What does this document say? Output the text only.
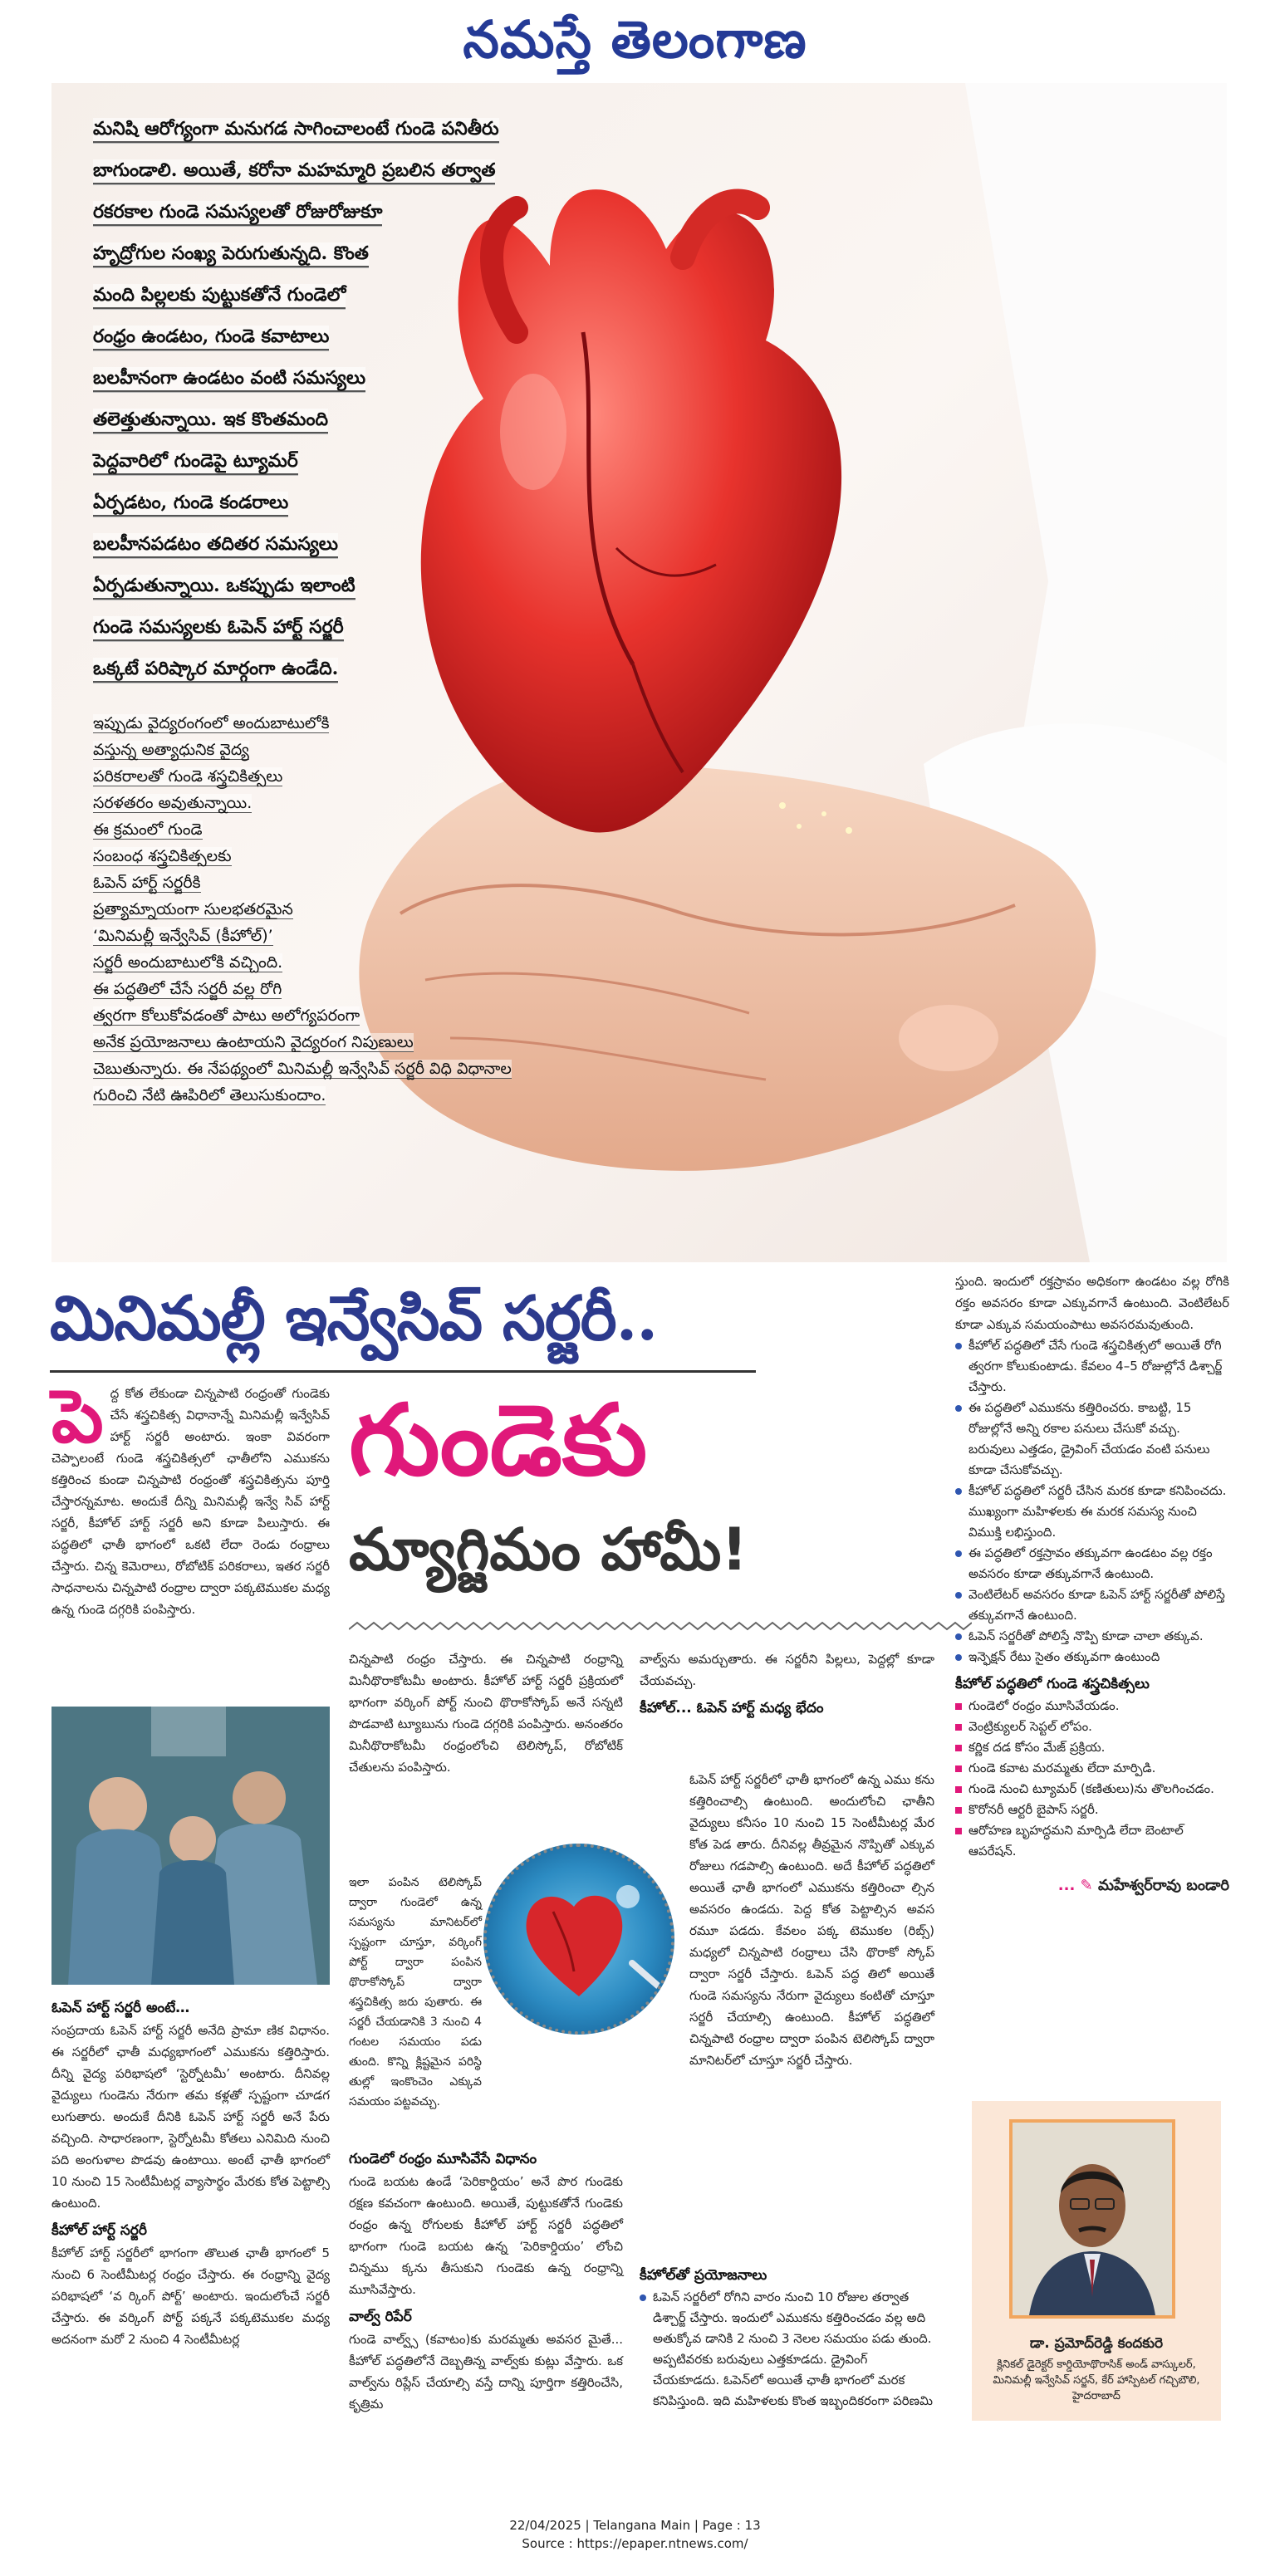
నమస్తే తెలంగాణ

మనిషి ఆరోగ్యంగా మనుగడ సాగించాలంటే గుండె పనితీరు

బాగుండాలి. అయితే, కరోనా మహమ్మారి ప్రబలిన తర్వాత

రకరకాల గుండె సమస్యలతో రోజురోజుకూ

హృద్రోగుల సంఖ్య పెరుగుతున్నది. కొంత

మంది పిల్లలకు పుట్టుకతోనే గుండెలో

రంధ్రం ఉండటం, గుండె కవాటాలు

బలహీనంగా ఉండటం వంటి సమస్యలు

తలెత్తుతున్నాయి. ఇక కొంతమంది

పెద్దవారిలో గుండెపై ట్యూమర్

ఏర్పడటం, గుండె కండరాలు

బలహీనపడటం తదితర సమస్యలు

ఏర్పడుతున్నాయి. ఒకప్పుడు ఇలాంటి

గుండె సమస్యలకు ఓపెన్ హార్ట్ సర్జరీ

ఒక్కటే పరిష్కార మార్గంగా ఉండేది.

ఇప్పుడు వైద్యరంగంలో అందుబాటులోకి

వస్తున్న అత్యాధునిక వైద్య

పరికరాలతో గుండె శస్త్రచికిత్సలు

సరళతరం అవుతున్నాయి.

ఈ క్రమంలో గుండె

సంబంధ శస్త్రచికిత్సలకు

ఓపెన్ హార్ట్ సర్జరీకి

ప్రత్యామ్నాయంగా సులభతరమైన

‘మినిమల్లీ ఇన్వేసివ్ (కీహోల్)’

సర్జరీ అందుబాటులోకి వచ్చింది.

ఈ పద్ధతిలో చేసే సర్జరీ వల్ల రోగి

త్వరగా కోలుకోవడంతో పాటు అలోగ్యపరంగా

అనేక ప్రయోజనాలు ఉంటాయని వైద్యరంగ నిపుణులు

చెబుతున్నారు. ఈ నేపథ్యంలో మినిమల్లీ ఇన్వేసివ్ సర్జరీ విధి విధానాల

గురించి నేటి ఊపిరిలో తెలుసుకుందాం.

మినిమల్లీ ఇన్వేసివ్ సర్జరీ..
గుండెకు
మ్యాగ్జిమం హామీ!

పెద్ద కోత లేకుండా చిన్నపాటి రంధ్రంతో గుండెకు చేసే శస్త్రచికిత్స విధానాన్నే మినిమల్లీ ఇన్వేసివ్ హార్ట్ సర్జరీ అంటారు. ఇంకా వివరంగా చెప్పాలంటే గుండె శస్త్రచికిత్సలో ఛాతీలోని ఎముకను కత్తిరించ కుండా చిన్నపాటి రంధ్రంతో శస్త్రచికిత్సను పూర్తి చేస్తారన్నమాట. అందుకే దీన్ని మినిమల్లీ ఇన్వే సివ్ హార్ట్ సర్జరీ, కీహోల్ హార్ట్ సర్జరీ అని కూడా పిలుస్తారు. ఈ పద్ధతిలో ఛాతీ భాగంలో ఒకటి లేదా రెండు రంధ్రాలు చేస్తారు. చిన్న కెమెరాలు, రోబోటిక్ పరికరాలు, ఇతర సర్జరీ సాధనాలను చిన్నపాటి రంధ్రాల ద్వారా పక్కటెముకల మధ్య ఉన్న గుండె దగ్గరికి పంపిస్తారు.

ఓపెన్ హార్ట్ సర్జరీ అంటే…

సంప్రదాయ ఓపెన్ హార్ట్ సర్జరీ అనేది ప్రామా ణిక విధానం. ఈ సర్జరీలో ఛాతీ మధ్యభాగంలో ఎముకను కత్తిరిస్తారు. దీన్ని వైద్య పరిభాషలో ‘స్టెర్నోటమీ’ అంటారు. దీనివల్ల వైద్యులు గుండెను నేరుగా తమ కళ్లతో స్పష్టంగా చూడగ లుగుతారు. అందుకే దీనికి ఓపెన్ హార్ట్ సర్జరీ అనే పేరు వచ్చింది. సాధారణంగా, స్టెర్నోటమీ కోతలు ఎనిమిది నుంచి పది అంగుళాల పొడవు ఉంటాయి. అంటే ఛాతీ భాగంలో 10 నుంచి 15 సెంటీమీటర్ల వ్యాసార్థం మేరకు కోత పెట్టాల్సి ఉంటుంది.

కీహోల్ హార్ట్ సర్జరీ

కీహోల్ హార్ట్ సర్జరీలో భాగంగా తొలుత ఛాతీ భాగంలో 5 నుంచి 6 సెంటీమీటర్ల రంధ్రం చేస్తారు. ఈ రంధ్రాన్ని వైద్య పరిభాషలో ‘వ ర్కింగ్ పోర్ట్’ అంటారు. ఇందులోంచే సర్జరీ చేస్తారు. ఈ వర్కింగ్ పోర్ట్ పక్కనే పక్కటెముకల మధ్య అదనంగా మరో 2 నుంచి 4 సెంటీమీటర్ల

చిన్నపాటి రంధ్రం చేస్తారు. ఈ చిన్నపాటి రంధ్రాన్ని మినీథొరాకోటమీ అంటారు. కీహోల్ హార్ట్ సర్జరీ ప్రక్రియలో భాగంగా వర్కింగ్ పోర్ట్ నుంచి థొరాకోస్కోప్ అనే సన్నటి పొడవాటి ట్యూబును గుండె దగ్గరికి పంపిస్తారు. అనంతరం మినీథొరాకోటమీ రంధ్రంలోంచి టెలిస్కోప్, రోబోటిక్ చేతులను పంపిస్తారు.

ఇలా పంపిన టెలిస్కోప్ ద్వారా గుండెలో ఉన్న సమస్యను మానిటర్‌లో స్పష్టంగా చూస్తూ, వర్కింగ్ పోర్ట్ ద్వారా పంపిన థొరాకోస్కోప్ ద్వారా శస్త్రచికిత్స జరు పుతారు. ఈ సర్జరీ చేయడానికి 3 నుంచి 4 గంటల సమయం పడు తుంది. కొన్ని క్లిష్టమైన పరిస్థి తుల్లో ఇంకొంచెం ఎక్కువ సమయం పట్టవచ్చు.

గుండెలో రంధ్రం మూసివేసే విధానం

గుండె బయట ఉండే ‘పెరికార్డియం’ అనే పొర గుండెకు రక్షణ కవచంగా ఉంటుంది. అయితే, పుట్టుకతోనే గుండెకు రంధ్రం ఉన్న రోగులకు కీహోల్ హార్ట్ సర్జరీ పద్ధతిలో భాగంగా గుండె బయట ఉన్న ‘పెరికార్డియం’ లోంచి చిన్నము క్కను తీసుకుని గుండెకు ఉన్న రంధ్రాన్ని మూసివేస్తారు.

వాల్వ్ రిపేర్

గుండె వాల్వ్స్ (కవాటం)కు మరమ్మతు అవసర మైతే... కీహోల్ పద్ధతిలోనే దెబ్బతిన్న వాల్వ్‌కు కుట్లు వేస్తారు. ఒక వాల్వ్‌ను రిప్లేస్ చేయాల్సి వస్తే దాన్ని పూర్తిగా కత్తిరించేసి, కృత్రిమ

వాల్వ్‌ను అమర్చుతారు. ఈ సర్జరీని పిల్లలు, పెద్దల్లో కూడా చేయవచ్చు.

కీహోల్... ఓపెన్ హార్ట్ మధ్య భేదం

ఓపెన్ హార్ట్ సర్జరీలో ఛాతీ భాగంలో ఉన్న ఎము కను కత్తిరించాల్సి ఉంటుంది. అందులోంచి ఛాతీని వైద్యులు కనీసం 10 నుంచి 15 సెంటీమీటర్ల మేర కోత పెడ తారు. దీనివల్ల తీవ్రమైన నొప్పితో ఎక్కువ రోజులు గడపాల్సి ఉంటుంది. అదే కీహోల్ పద్ధతిలో అయితే ఛాతీ భాగంలో ఎముకను కత్తిరించా ల్సిన అవసరం ఉండదు. పెద్ద కోత పెట్టాల్సిన అవస రమూ పడదు. కేవలం పక్క టెముకల (రిబ్స్) మధ్యలో చిన్నపాటి రంధ్రాలు చేసి థొరాకో స్కోప్ ద్వారా సర్జరీ చేస్తారు. ఓపెన్ పద్ధ తిలో అయితే గుండె సమస్యను నేరుగా వైద్యులు కంటితో చూస్తూ సర్జరీ చేయాల్సి ఉంటుంది. కీహోల్ పద్ధతిలో చిన్నపాటి రంధ్రాల ద్వారా పంపిన టెలిస్కోప్ ద్వారా మానిటర్‌లో చూస్తూ సర్జరీ చేస్తారు.

కీహోల్‌తో ప్రయోజనాలు
ఓపెన్ సర్జరీలో రోగిని వారం నుంచి 10 రోజుల తర్వాత డిశ్చార్జ్ చేస్తారు. ఇందులో ఎముకను కత్తిరించడం వల్ల అది అతుక్కోవ డానికి 2 నుంచి 3 నెలల సమయం పడు తుంది. అప్పటివరకు బరువులు ఎత్తకూడదు. డ్రైవింగ్ చేయకూడదు. ఓపెన్‌లో అయితే ఛాతీ భాగంలో మరక కనిపిస్తుంది. ఇది మహిళలకు కొంత ఇబ్బందికరంగా పరిణమి

స్తుంది. ఇందులో రక్తస్రావం అధికంగా ఉండటం వల్ల రోగికి రక్తం అవసరం కూడా ఎక్కువగానే ఉంటుంది. వెంటిలేటర్ కూడా ఎక్కువ సమయంపాటు అవసరమవుతుంది.

కీహోల్ పద్ధతిలో చేసే గుండె శస్త్రచికిత్సలో అయితే రోగి త్వరగా కోలుకుంటాడు. కేవలం 4–5 రోజుల్లోనే డిశ్చార్జ్ చేస్తారు.
ఈ పద్ధతిలో ఎముకను కత్తిరించరు. కాబట్టి, 15 రోజుల్లోనే అన్ని రకాల పనులు చేసుకో వచ్చు. బరువులు ఎత్తడం, డ్రైవింగ్ చేయడం వంటి పనులు కూడా చేసుకోవచ్చు.
కీహోల్ పద్ధతిలో సర్జరీ చేసిన మరక కూడా కనిపించదు. ముఖ్యంగా మహిళలకు ఈ మరక సమస్య నుంచి విముక్తి లభిస్తుంది.
ఈ పద్ధతిలో రక్తస్రావం తక్కువగా ఉండటం వల్ల రక్తం అవసరం కూడా తక్కువగానే ఉంటుంది.
వెంటిలేటర్ అవసరం కూడా ఓపెన్ హార్ట్ సర్జరీతో పోలిస్తే తక్కువగానే ఉంటుంది.
ఓపెన్ సర్జరీతో పోలిస్తే నొప్పి కూడా చాలా తక్కువ.
ఇన్ఫెక్షన్ రేటు సైతం తక్కువగా ఉంటుంది
కీహోల్ పద్ధతిలో గుండె శస్త్రచికిత్సలు
గుండెలో రంధ్రం మూసివేయడం.
వెంట్రిక్యులర్ సెప్టల్ లోపం.
కర్ణిక దడ కోసం మేజ్ ప్రక్రియ.
గుండె కవాట మరమ్మతు లేదా మార్పిడి.
గుండె నుంచి ట్యూమర్ (కణితులు)ను తొలగించడం.
కొరోనరీ ఆర్టరీ బైపాస్ సర్జరీ.
ఆరోహణ బృహద్ధమని మార్పిడి లేదా బెంటాల్ ఆపరేషన్.
... ✎ మహేశ్వర్‌రావు బండారి
డా. ప్రమోద్‌రెడ్డి కందకురె
క్లినికల్ డైరెక్టర్ కార్డియోథొరాసిక్ అండ్ వాస్కులర్, మినిమల్లీ ఇన్వేసివ్ సర్జన్, కేర్ హాస్పిటల్ గచ్చిబౌలి, హైదరాబాద్
22/04/2025 | Telangana Main | Page : 13
Source : https://epaper.ntnews.com/
